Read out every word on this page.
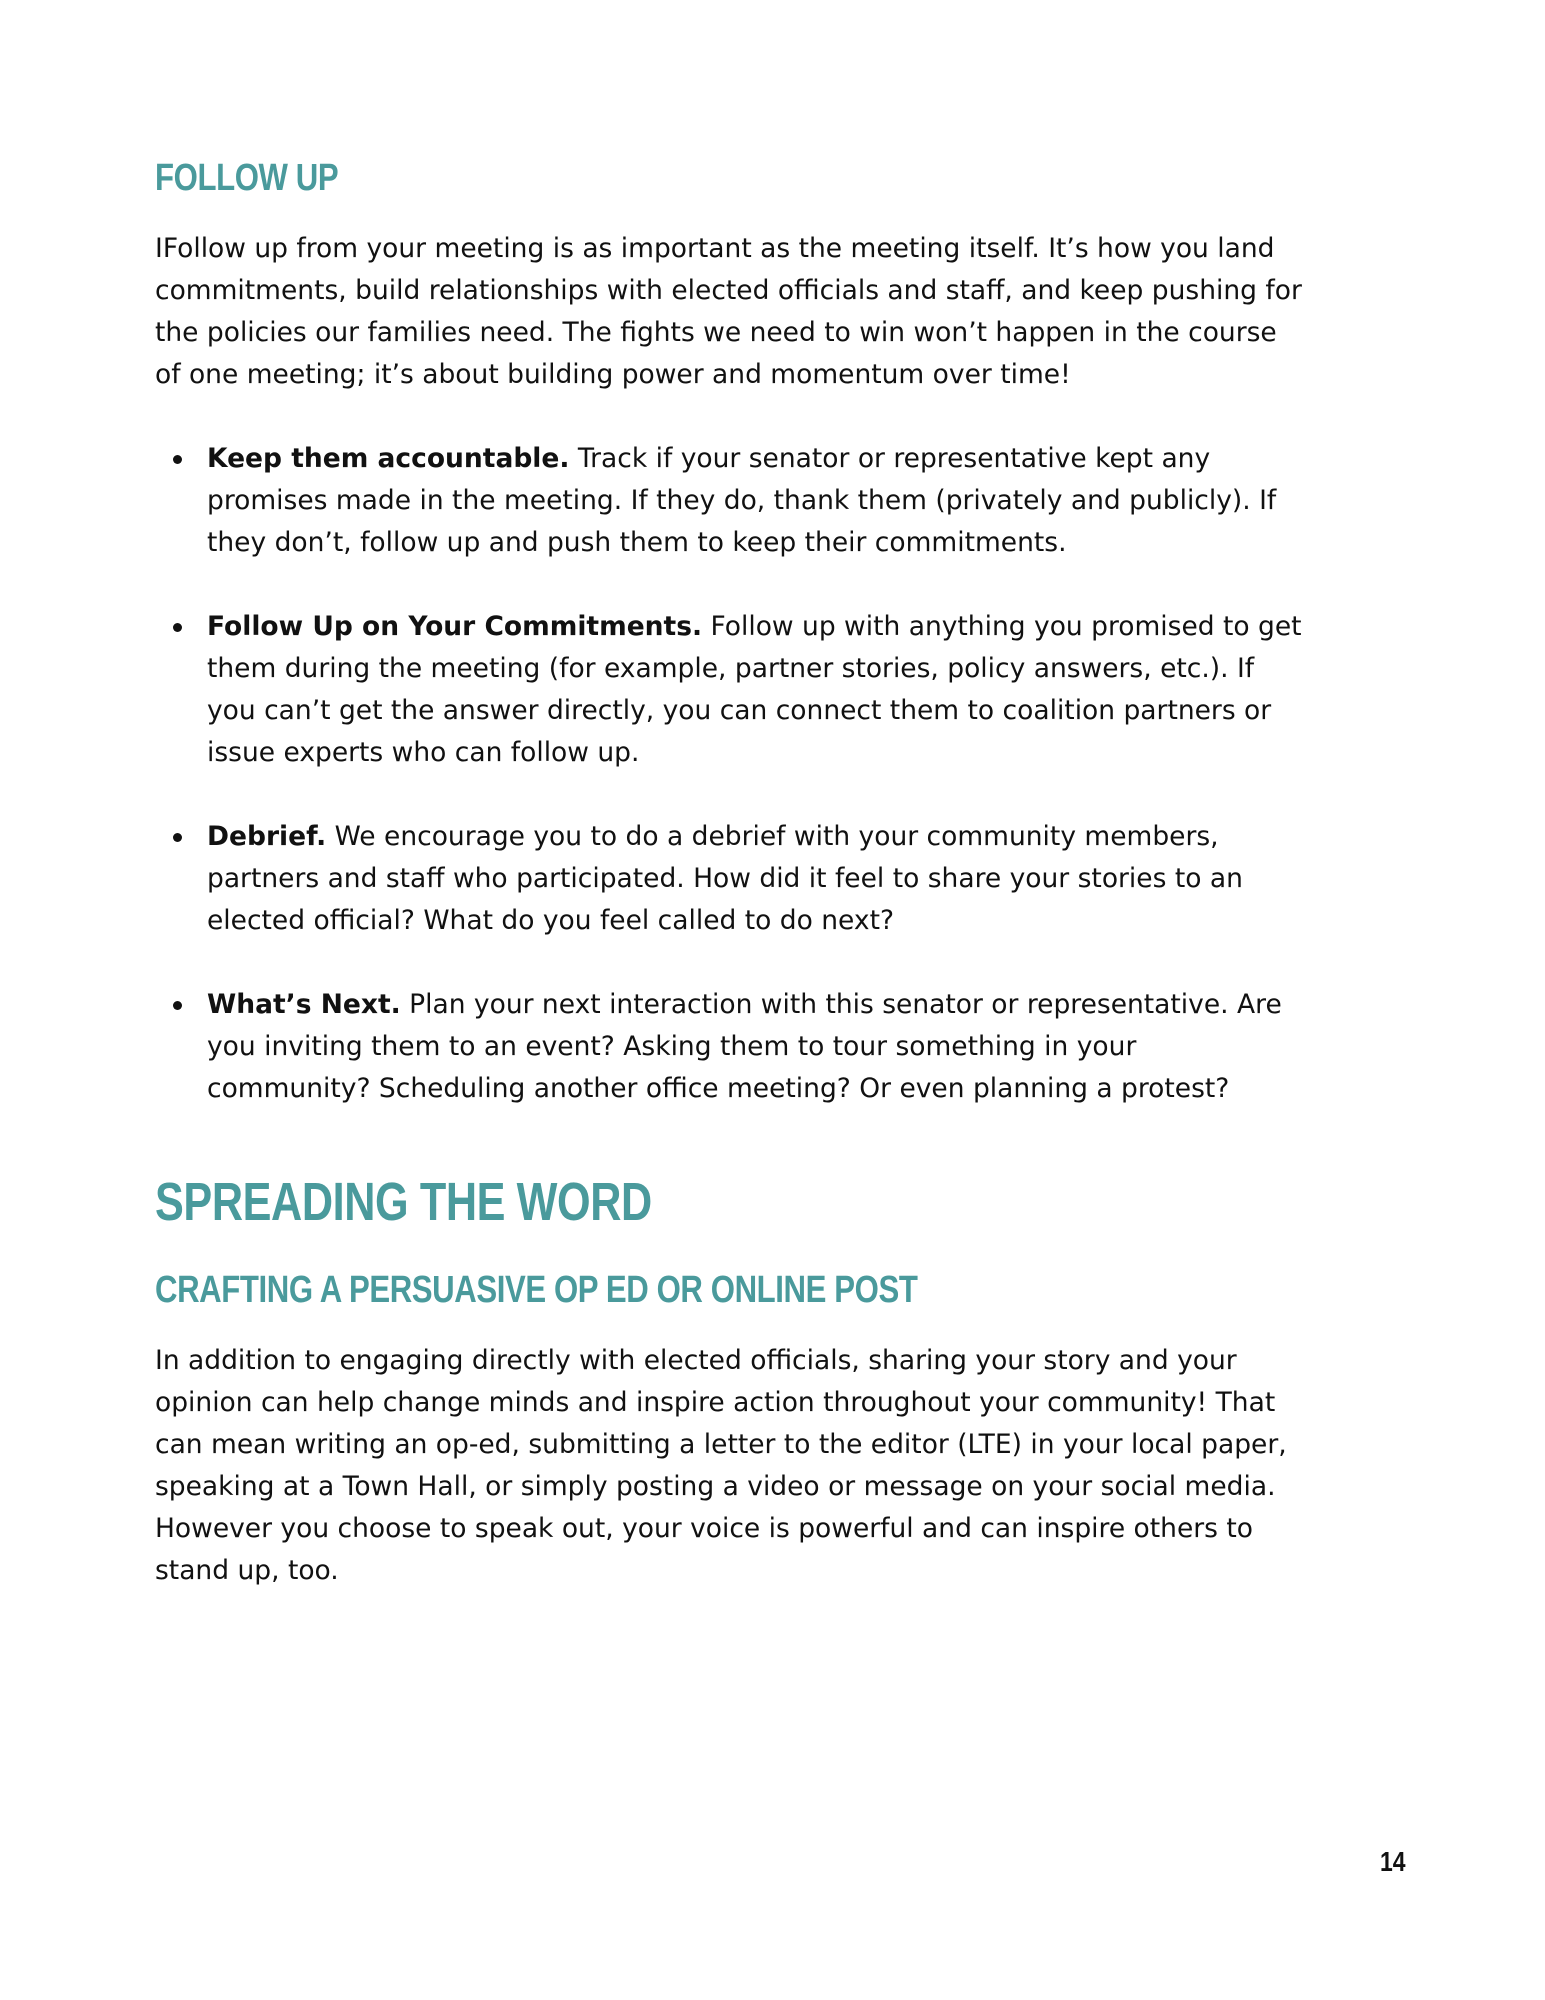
FOLLOW UP

IFollow up from your meeting is as important as the meeting itself. It’s how you land commitments, build relationships with elected officials and staff, and keep pushing for the policies our families need. The fights we need to win won’t happen in the course of one meeting; it’s about building power and momentum over time!

Keep them accountable. Track if your senator or representative kept any promises made in the meeting. If they do, thank them (privately and publicly). If they don’t, follow up and push them to keep their commitments.
Follow Up on Your Commitments. Follow up with anything you promised to get them during the meeting (for example, partner stories, policy answers, etc.). If you can’t get the answer directly, you can connect them to coalition partners or issue experts who can follow up.
Debrief. We encourage you to do a debrief with your community members, partners and staff who participated. How did it feel to share your stories to an elected official? What do you feel called to do next?
What’s Next. Plan your next interaction with this senator or representative. Are you inviting them to an event? Asking them to tour something in your community? Scheduling another office meeting? Or even planning a protest?
SPREADING THE WORD
CRAFTING A PERSUASIVE OP ED OR ONLINE POST

In addition to engaging directly with elected officials, sharing your story and your opinion can help change minds and inspire action throughout your community! That can mean writing an op-ed, submitting a letter to the editor (LTE) in your local paper, speaking at a Town Hall, or simply posting a video or message on your social media. However you choose to speak out, your voice is powerful and can inspire others to stand up, too.

14
